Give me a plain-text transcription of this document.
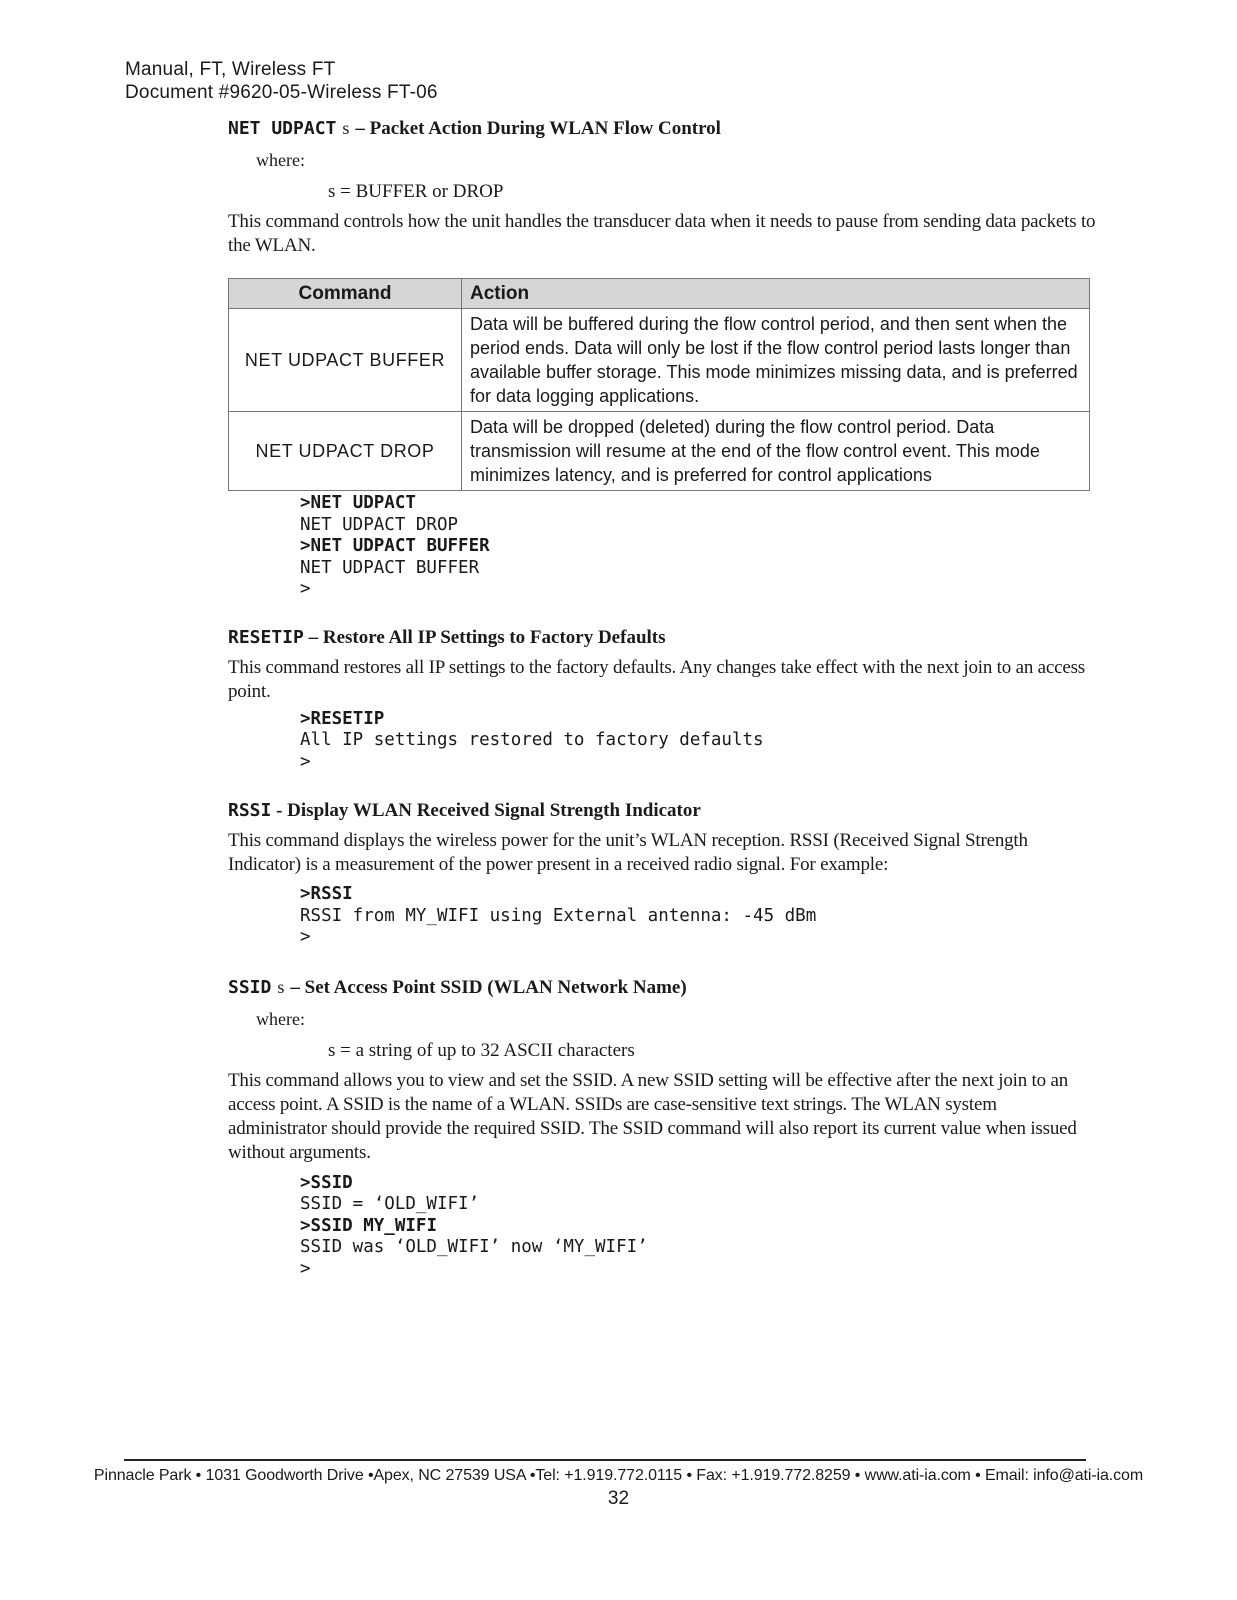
Manual, FT, Wireless FT
Document #9620-05-Wireless FT-06
NET UDPACT s – Packet Action During WLAN Flow Control

where:

s = BUFFER or DROP

This command controls how the unit handles the transducer data when it needs to pause from sending data packets to the WLAN.

Command	Action
NET UDPACT BUFFER	Data will be buffered during the flow control period, and then sent when the period ends. Data will only be lost if the flow control period lasts longer than available buffer storage. This mode minimizes missing data, and is preferred for data logging applications.
NET UDPACT DROP	Data will be dropped (deleted) during the flow control period. Data transmission will resume at the end of the flow control event. This mode minimizes latency, and is preferred for control applications
>NET UDPACT
NET UDPACT DROP
>NET UDPACT BUFFER
NET UDPACT BUFFER
>
RESETIP – Restore All IP Settings to Factory Defaults

This command restores all IP settings to the factory defaults. Any changes take effect with the next join to an access point.

>RESETIP
All IP settings restored to factory defaults
>
RSSI - Display WLAN Received Signal Strength Indicator

This command displays the wireless power for the unit’s WLAN reception. RSSI (Received Signal Strength Indicator) is a measurement of the power present in a received radio signal. For example:

>RSSI
RSSI from MY_WIFI using External antenna: -45 dBm
>
SSID s – Set Access Point SSID (WLAN Network Name)

where:

s = a string of up to 32 ASCII characters

This command allows you to view and set the SSID. A new SSID setting will be effective after the next join to an access point. A SSID is the name of a WLAN. SSIDs are case-sensitive text strings. The WLAN system administrator should provide the required SSID. The SSID command will also report its current value when issued without arguments.

>SSID
SSID = ‘OLD_WIFI’
>SSID MY_WIFI
SSID was ‘OLD_WIFI’ now ‘MY_WIFI’
>
Pinnacle Park • 1031 Goodworth Drive •Apex, NC 27539 USA •Tel: +1.919.772.0115 • Fax: +1.919.772.8259 • www.ati-ia.com • Email: info@ati-ia.com
32
